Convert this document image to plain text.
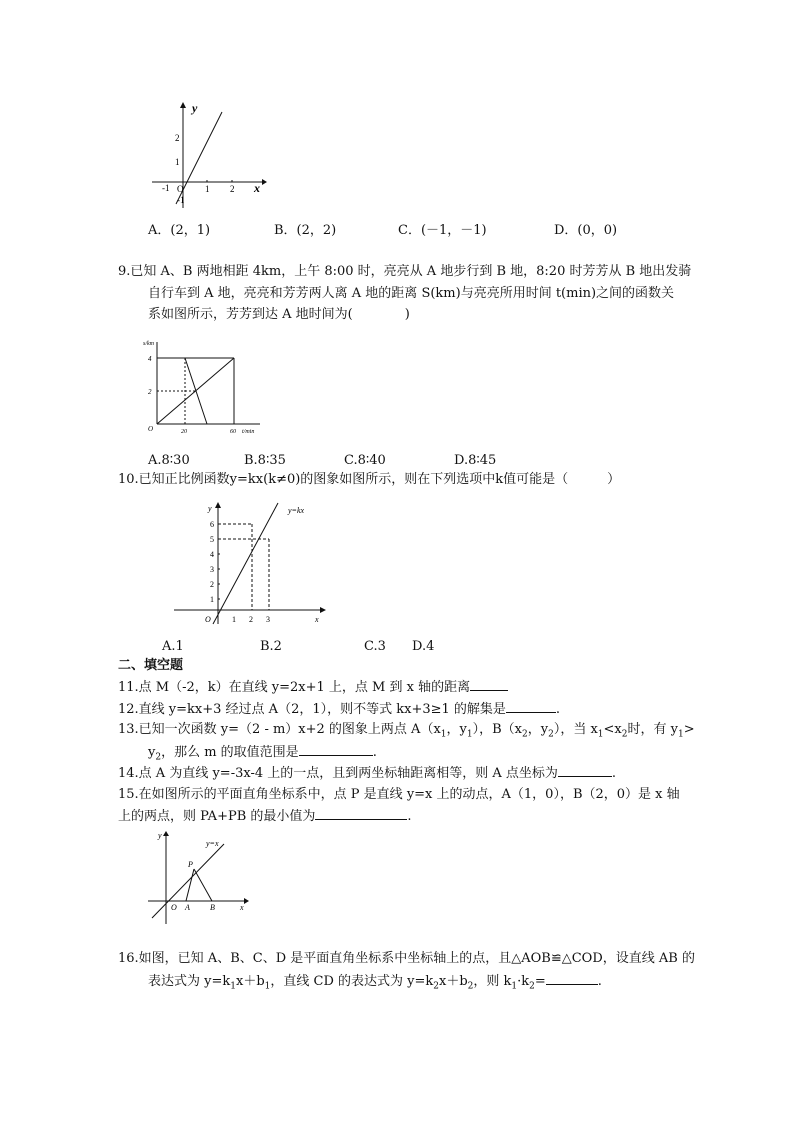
y
x
-1 O 1 2
2
1
-1
A．(2，1)	B．(2，2)	C．(－1，－1)	D．(0，0)
9.已知 A、B 两地相距 4km，上午 8:00 时，亮亮从 A 地步行到 B 地，8:20 时芳芳从 B 地出发骑
自行车到 A 地，亮亮和芳芳两人离 A 地的距离 S(km)与亮亮所用时间 t(min)之间的函数关
系如图所示，芳芳到达 A 地时间为(　　　　)
s/km
4
2
O	20	60 t/min
A.8∶30	B.8∶35	C.8∶40	D.8∶45
10.已知正比例函数y=kx(k≠0)的图象如图所示，则在下列选项中k值可能是（　　　）
y	y=kx
6
5
4
3
2
1
O	1 2 3	x
A.1	B.2	C.3 D.4
二、填空题
11.点 M（-2，k）在直线 y=2x+1 上，点 M 到 x 轴的距离
12.直线 y=kx+3 经过点 A（2，1），则不等式 kx+3≥1 的解集是	.
13.已知一次函数 y=（2 - m）x+2 的图象上两点 $A(x_1$，$y_1$），$B(x_2$，$y_2$），当 $x_1<x_2$时，有 $y_1>$
$y_2$，那么 m 的取值范围是	.
14.点 A 为直线 y=-3x-4 上的一点，且到两坐标轴距离相等，则 A 点坐标为	.
15.在如图所示的平面直角坐标系中，点 P 是直线 y=x 上的动点，A（1，0），B（2，0）是 x 轴
上的两点，则 PA+PB 的最小值为	.
y
y=x
P
O A	B	x
16.如图，已知 A、B、C、D 是平面直角坐标系中坐标轴上的点，且△AOB≌△COD，设直线 AB 的
表达式为 $y=k_1x+b_1$，直线 CD 的表达式为 $y=k_2x+b_2$，则 $k_1\cdot k_2=$	.
